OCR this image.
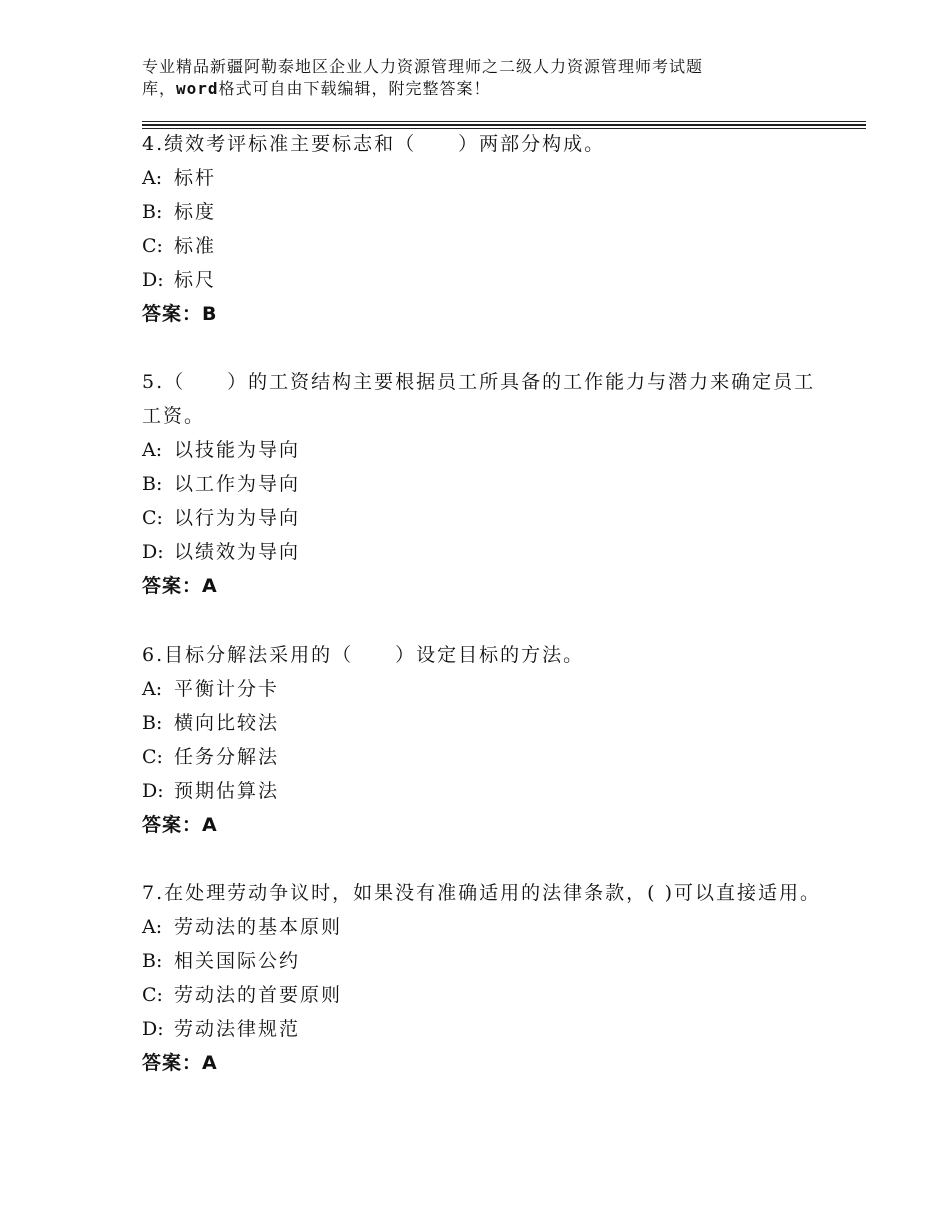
专业精品新疆阿勒泰地区企业人力资源管理师之二级人力资源管理师考试题
库，word格式可自由下载编辑，附完整答案！

4.绩效考评标准主要标志和（　　）两部分构成。

A: 标杆

B: 标度

C: 标准

D: 标尺

答案：B

5.（　　）的工资结构主要根据员工所具备的工作能力与潜力来确定员工工资。

A: 以技能为导向

B: 以工作为导向

C: 以行为为导向

D: 以绩效为导向

答案：A

6.目标分解法采用的（　　）设定目标的方法。

A: 平衡计分卡

B: 横向比较法

C: 任务分解法

D: 预期估算法

答案：A

7.在处理劳动争议时，如果没有准确适用的法律条款，( )可以直接适用。

A: 劳动法的基本原则

B: 相关国际公约

C: 劳动法的首要原则

D: 劳动法律规范

答案：A
